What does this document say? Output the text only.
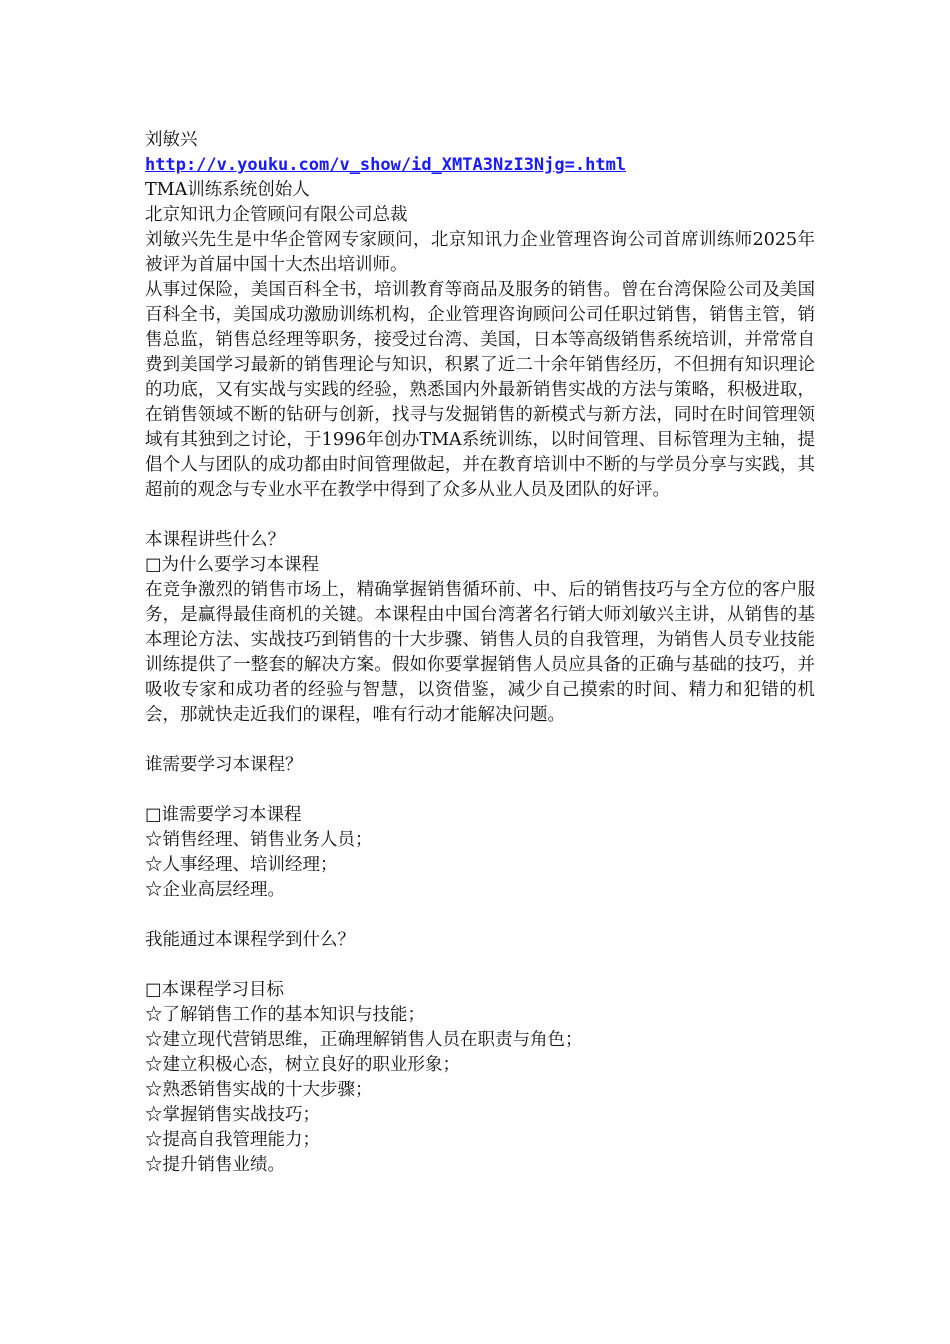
刘敏兴
http://v.youku.com/v_show/id_XMTA3NzI3Njg=.html
TMA训练系统创始人
北京知讯力企管顾问有限公司总裁
刘敏兴先生是中华企管网专家顾问，北京知讯力企业管理咨询公司首席训练师2025年被评为首届中国十大杰出培训师。
从事过保险，美国百科全书，培训教育等商品及服务的销售。曾在台湾保险公司及美国百科全书，美国成功激励训练机构，企业管理咨询顾问公司任职过销售，销售主管，销售总监，销售总经理等职务，接受过台湾、美国，日本等高级销售系统培训，并常常自费到美国学习最新的销售理论与知识，积累了近二十余年销售经历，不但拥有知识理论的功底，又有实战与实践的经验，熟悉国内外最新销售实战的方法与策略，积极进取，在销售领域不断的钻研与创新，找寻与发掘销售的新模式与新方法，同时在时间管理领域有其独到之讨论，于1996年创办TMA系统训练，以时间管理、目标管理为主轴，提倡个人与团队的成功都由时间管理做起，并在教育培训中不断的与学员分享与实践，其超前的观念与专业水平在教学中得到了众多从业人员及团队的好评。
本课程讲些什么？
□为什么要学习本课程
在竞争激烈的销售市场上，精确掌握销售循环前、中、后的销售技巧与全方位的客户服务，是赢得最佳商机的关键。本课程由中国台湾著名行销大师刘敏兴主讲，从销售的基本理论方法、实战技巧到销售的十大步骤、销售人员的自我管理，为销售人员专业技能训练提供了一整套的解决方案。假如你要掌握销售人员应具备的正确与基础的技巧，并吸收专家和成功者的经验与智慧，以资借鉴，减少自己摸索的时间、精力和犯错的机会，那就快走近我们的课程，唯有行动才能解决问题。
谁需要学习本课程？
□谁需要学习本课程
☆销售经理、销售业务人员；
☆人事经理、培训经理；
☆企业高层经理。
我能通过本课程学到什么？
□本课程学习目标
☆了解销售工作的基本知识与技能；
☆建立现代营销思维，正确理解销售人员在职责与角色；
☆建立积极心态，树立良好的职业形象；
☆熟悉销售实战的十大步骤；
☆掌握销售实战技巧；
☆提高自我管理能力；
☆提升销售业绩。
